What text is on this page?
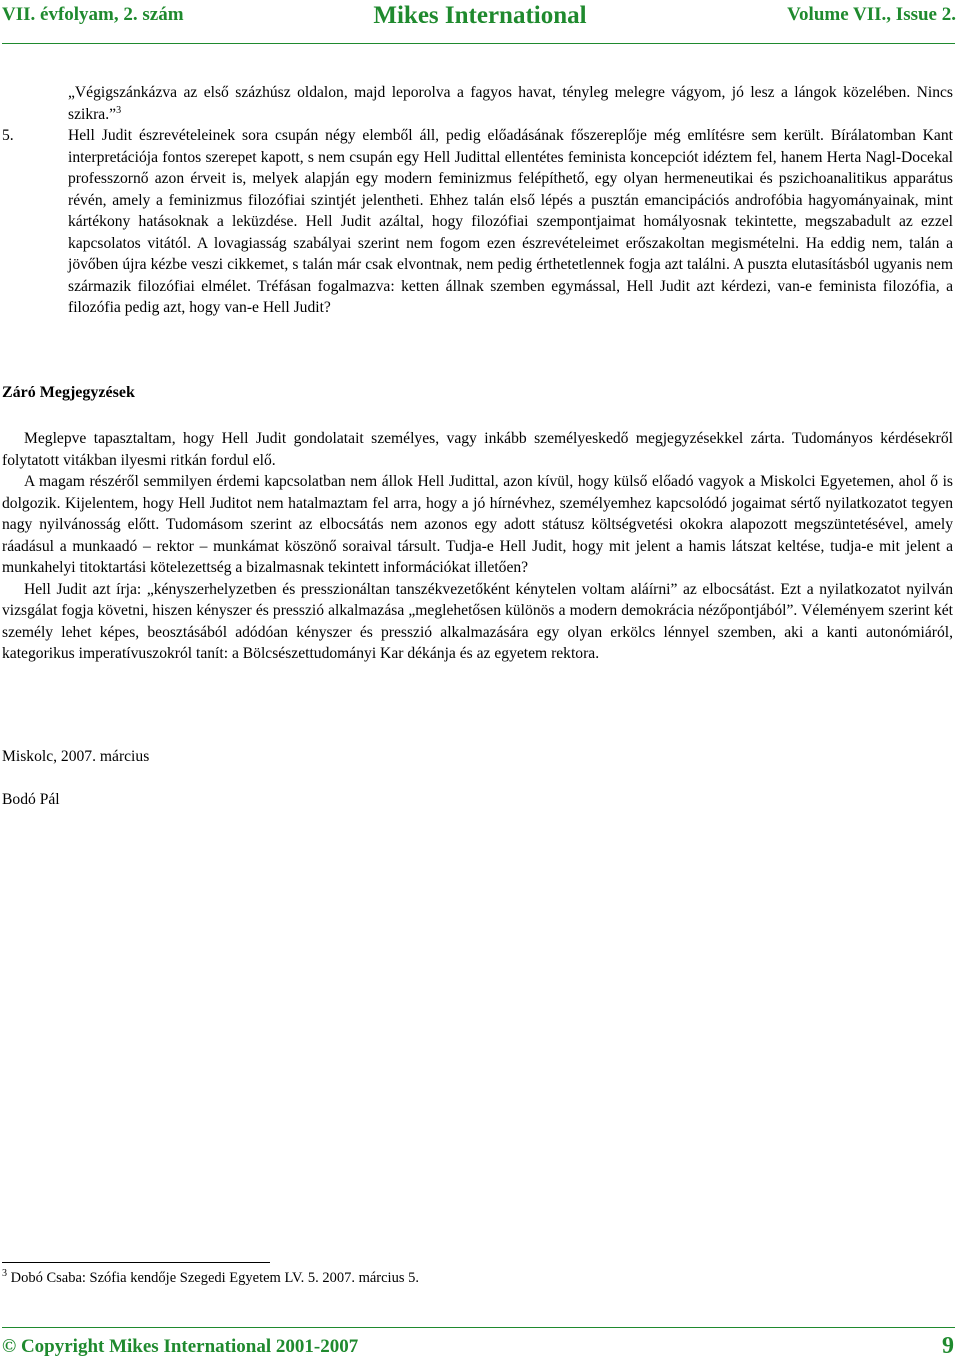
VII. évfolyam, 2. szám	Mikes International	Volume VII., Issue 2.
„Végigszánkázva az első százhúsz oldalon, majd leporolva a fagyos havat, tényleg melegre vágyom, jó lesz a lángok közelében. Nincs szikra.”$^3$
5.	Hell Judit észrevételeinek sora csupán négy elemből áll, pedig előadásának főszereplője még említésre sem került. Bírálatomban Kant interpretációja fontos szerepet kapott, s nem csupán egy Hell Judittal ellentétes feminista koncepciót idéztem fel, hanem Herta Nagl-Docekal professzornő azon érveit is, melyek alapján egy modern feminizmus felépíthető, egy olyan hermeneutikai és pszichoanalitikus apparátus révén, amely a feminizmus filozófiai szintjét jelentheti. Ehhez talán első lépés a pusztán emancipációs androfóbia hagyományainak, mint kártékony hatásoknak a leküzdése. Hell Judit azáltal, hogy filozófiai szempontjaimat homályosnak tekintette, megszabadult az ezzel kapcsolatos vitától. A lovagiasság szabályai szerint nem fogom ezen észrevételeimet erőszakoltan megismételni. Ha eddig nem, talán a jövőben újra kézbe veszi cikkemet, s talán már csak elvontnak, nem pedig érthetetlennek fogja azt találni. A puszta elutasításból ugyanis nem származik filozófiai elmélet. Tréfásan fogalmazva: ketten állnak szemben egymással, Hell Judit azt kérdezi, van-e feminista filozófia, a filozófia pedig azt, hogy van-e Hell Judit?
Záró Megjegyzések

Meglepve tapasztaltam, hogy Hell Judit gondolatait személyes, vagy inkább személyeskedő megjegyzésekkel zárta. Tudományos kérdésekről folytatott vitákban ilyesmi ritkán fordul elő.

A magam részéről semmilyen érdemi kapcsolatban nem állok Hell Judittal, azon kívül, hogy külső előadó vagyok a Miskolci Egyetemen, ahol ő is dolgozik. Kijelentem, hogy Hell Juditot nem hatalmaztam fel arra, hogy a jó hírnévhez, személyemhez kapcsolódó jogaimat sértő nyilatkozatot tegyen nagy nyilvánosság előtt. Tudomásom szerint az elbocsátás nem azonos egy adott státusz költségvetési okokra alapozott megszüntetésével, amely ráadásul a munkaadó – rektor – munkámat köszönő soraival társult. Tudja-e Hell Judit, hogy mit jelent a hamis látszat keltése, tudja-e mit jelent a munkahelyi titoktartási kötelezettség a bizalmasnak tekintett információkat illetően?

Hell Judit azt írja: „kényszerhelyzetben és presszionáltan tanszékvezetőként kénytelen voltam aláírni” az elbocsátást. Ezt a nyilatkozatot nyilván vizsgálat fogja követni, hiszen kényszer és presszió alkalmazása „meglehetősen különös a modern demokrácia nézőpontjából”. Véleményem szerint két személy lehet képes, beosztásából adódóan kényszer és presszió alkalmazására egy olyan erkölcs lénnyel szemben, aki a kanti autonómiáról, kategorikus imperatívuszokról tanít: a Bölcsészettudományi Kar dékánja és az egyetem rektora.

Miskolc, 2007. március
Bodó Pál
$^3$ Dobó Csaba: Szófia kendője Szegedi Egyetem LV. 5. 2007. március 5.
© Copyright Mikes International 2001-2007	9
